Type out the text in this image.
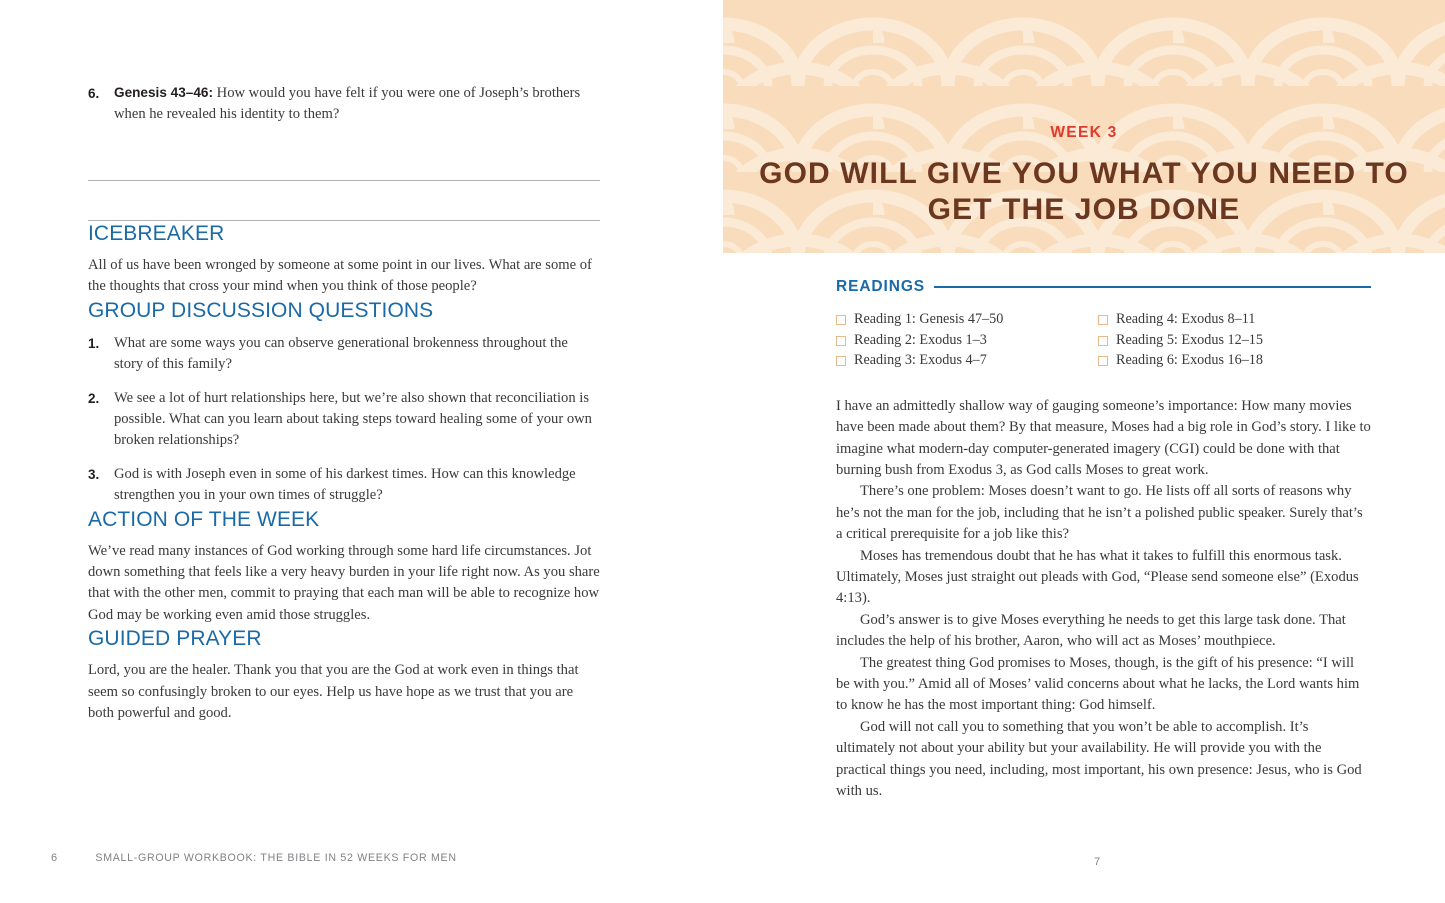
6.	Genesis 43–46: How would you have felt if you were one of Joseph’s brothers when he revealed his identity to them?
ICEBREAKER

All of us have been wronged by someone at some point in our lives. What are some of the thoughts that cross your mind when you think of those people?

GROUP DISCUSSION QUESTIONS
1.	What are some ways you can observe generational brokenness throughout the story of this family?
2.	We see a lot of hurt relationships here, but we’re also shown that reconciliation is possible. What can you learn about taking steps toward healing some of your own broken relationships?
3.	God is with Joseph even in some of his darkest times. How can this knowledge strengthen you in your own times of struggle?
ACTION OF THE WEEK

We’ve read many instances of God working through some hard life circumstances. Jot down something that feels like a very heavy burden in your life right now. As you share that with the other men, commit to praying that each man will be able to recognize how God may be working even amid those struggles.

GUIDED PRAYER

Lord, you are the healer. Thank you that you are the God at work even in things that seem so confusingly broken to our eyes. Help us have hope as we trust that you are both powerful and good.

WEEK 3
GOD WILL GIVE YOU WHAT YOU NEED TO GET THE JOB DONE
READINGS
Reading 1: Genesis 47–50	Reading 4: Exodus 8–11
Reading 2: Exodus 1–3	Reading 5: Exodus 12–15
Reading 3: Exodus 4–7	Reading 6: Exodus 16–18

I have an admittedly shallow way of gauging someone’s importance: How many movies have been made about them? By that measure, Moses had a big role in God’s story. I like to imagine what modern-day computer-generated imagery (CGI) could be done with that burning bush from Exodus 3, as God calls Moses to great work.

There’s one problem: Moses doesn’t want to go. He lists off all sorts of reasons why he’s not the man for the job, including that he isn’t a polished public speaker. Surely that’s a critical prerequisite for a job like this?

Moses has tremendous doubt that he has what it takes to fulfill this enormous task. Ultimately, Moses just straight out pleads with God, “Please send someone else” (Exodus 4:13).

God’s answer is to give Moses everything he needs to get this large task done. That includes the help of his brother, Aaron, who will act as Moses’ mouthpiece.

The greatest thing God promises to Moses, though, is the gift of his presence: “I will be with you.” Amid all of Moses’ valid concerns about what he lacks, the Lord wants him to know he has the most important thing: God himself.

God will not call you to something that you won’t be able to accomplish. It’s ultimately not about your ability but your availability. He will provide you with the practical things you need, including, most important, his own presence: Jesus, who is God with us.

6	SMALL-GROUP WORKBOOK: THE BIBLE IN 52 WEEKS FOR MEN	7
